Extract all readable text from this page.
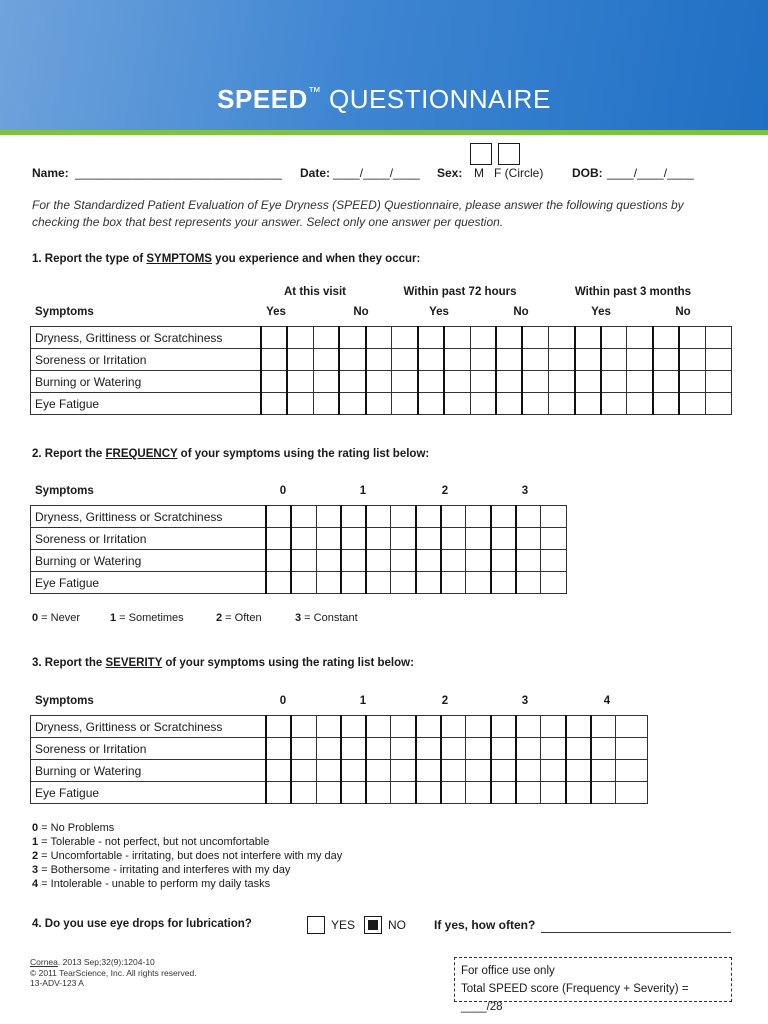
SPEED™ QUESTIONNAIRE
Name: _______________________________ Date: ____/____/____ Sex: M   F (Circle) DOB: ____/____/____
For the Standardized Patient Evaluation of Eye Dryness (SPEED) Questionnaire, please answer the following questions by checking the box that best represents your answer. Select only one answer per question.
1. Report the type of SYMPTOMS you experience and when they occur:
At this visit	Within past 72 hours	Within past 3 months
Symptoms	Yes	No	Yes	No	Yes	No
Dryness, Grittiness or Scratchiness																		
Soreness or Irritation																		
Burning or Watering																		
Eye Fatigue																		
2. Report the FREQUENCY of your symptoms using the rating list below:
Symptoms	0	1	2	3
Dryness, Grittiness or Scratchiness												
Soreness or Irritation												
Burning or Watering												
Eye Fatigue												
0 = Never	1 = Sometimes	2 = Often	3 = Constant
3. Report the SEVERITY of your symptoms using the rating list below:
Symptoms	0	1	2	3	4
Dryness, Grittiness or Scratchiness															
Soreness or Irritation															
Burning or Watering															
Eye Fatigue															
0 = No Problems
1 = Tolerable - not perfect, but not uncomfortable
2 = Uncomfortable - irritating, but does not interfere with my day
3 = Bothersome - irritating and interferes with my day
4 = Intolerable - unable to perform my daily tasks
4. Do you use eye drops for lubrication?	YES	NO If yes, how often?
Cornea. 2013 Sep;32(9):1204-10
© 2011 TearScience, Inc. All rights reserved.
13-ADV-123 A
For office use only
Total SPEED score (Frequency + Severity) = ____/28
